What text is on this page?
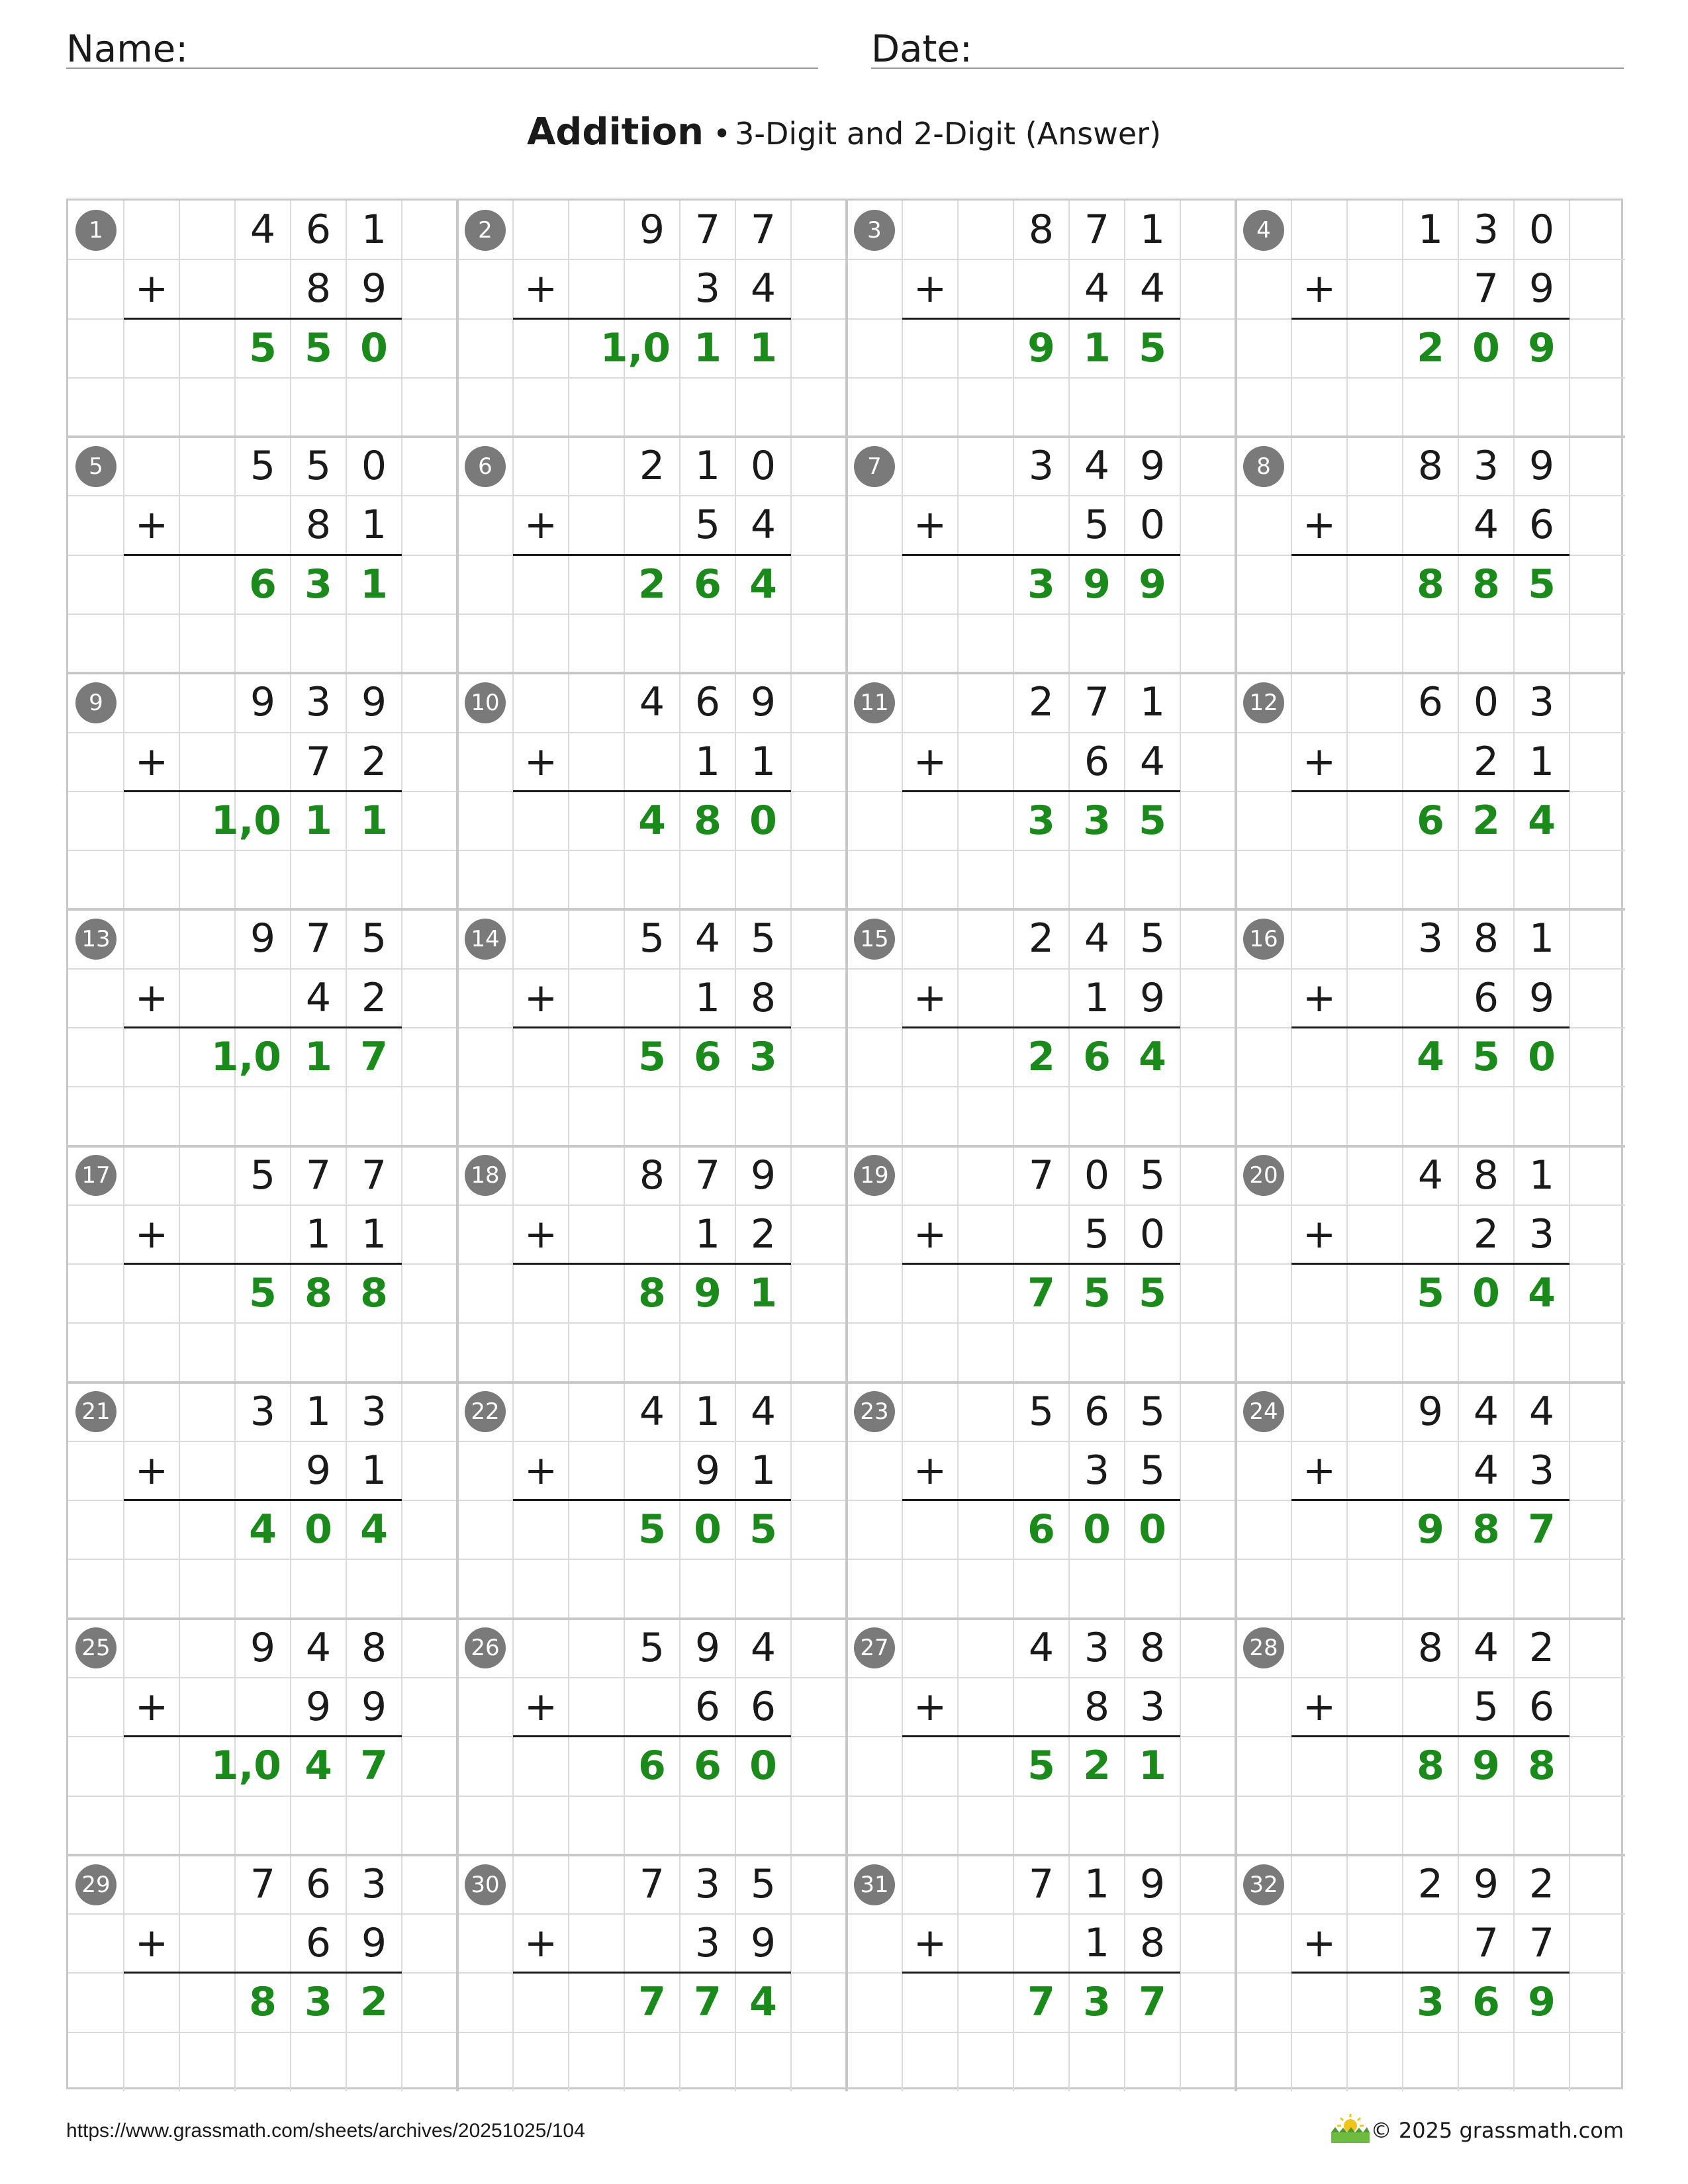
Name:	Date:
Addition • 3-Digit and 2-Digit (Answer)
1	4 6 1
8 9
+
5 5 0
2	9 7 7
3 4
+
1,0 1 1
3	8 7 1
4 4
+
9 1 5
4	1 3 0
7 9
+
2 0 9
5	5 5 0
8 1
+
6 3 1
6	2 1 0
5 4
+
2 6 4
7	3 4 9
5 0
+
3 9 9
8	8 3 9
4 6
+
8 8 5
9	9 3 9
7 2
+
1,0 1 1
10	4 6 9
1 1
+
4 8 0
11	2 7 1
6 4
+
3 3 5
12	6 0 3
2 1
+
6 2 4
13	9 7 5
4 2
+
1,0 1 7
14	5 4 5
1 8
+
5 6 3
15	2 4 5
1 9
+
2 6 4
16	3 8 1
6 9
+
4 5 0
17	5 7 7
1 1
+
5 8 8
18	8 7 9
1 2
+
8 9 1
19	7 0 5
5 0
+
7 5 5
20	4 8 1
2 3
+
5 0 4
21	3 1 3
9 1
+
4 0 4
22	4 1 4
9 1
+
5 0 5
23	5 6 5
3 5
+
6 0 0
24	9 4 4
4 3
+
9 8 7
25	9 4 8
9 9
+
1,0 4 7
26	5 9 4
6 6
+
6 6 0
27	4 3 8
8 3
+
5 2 1
28	8 4 2
5 6
+
8 9 8
29	7 6 3
6 9
+
8 3 2
30	7 3 5
3 9
+
7 7 4
31	7 1 9
1 8
+
7 3 7
32	2 9 2
7 7
+
3 6 9
https://www.grassmath.com/sheets/archives/20251025/104	© 2025 grassmath.com
